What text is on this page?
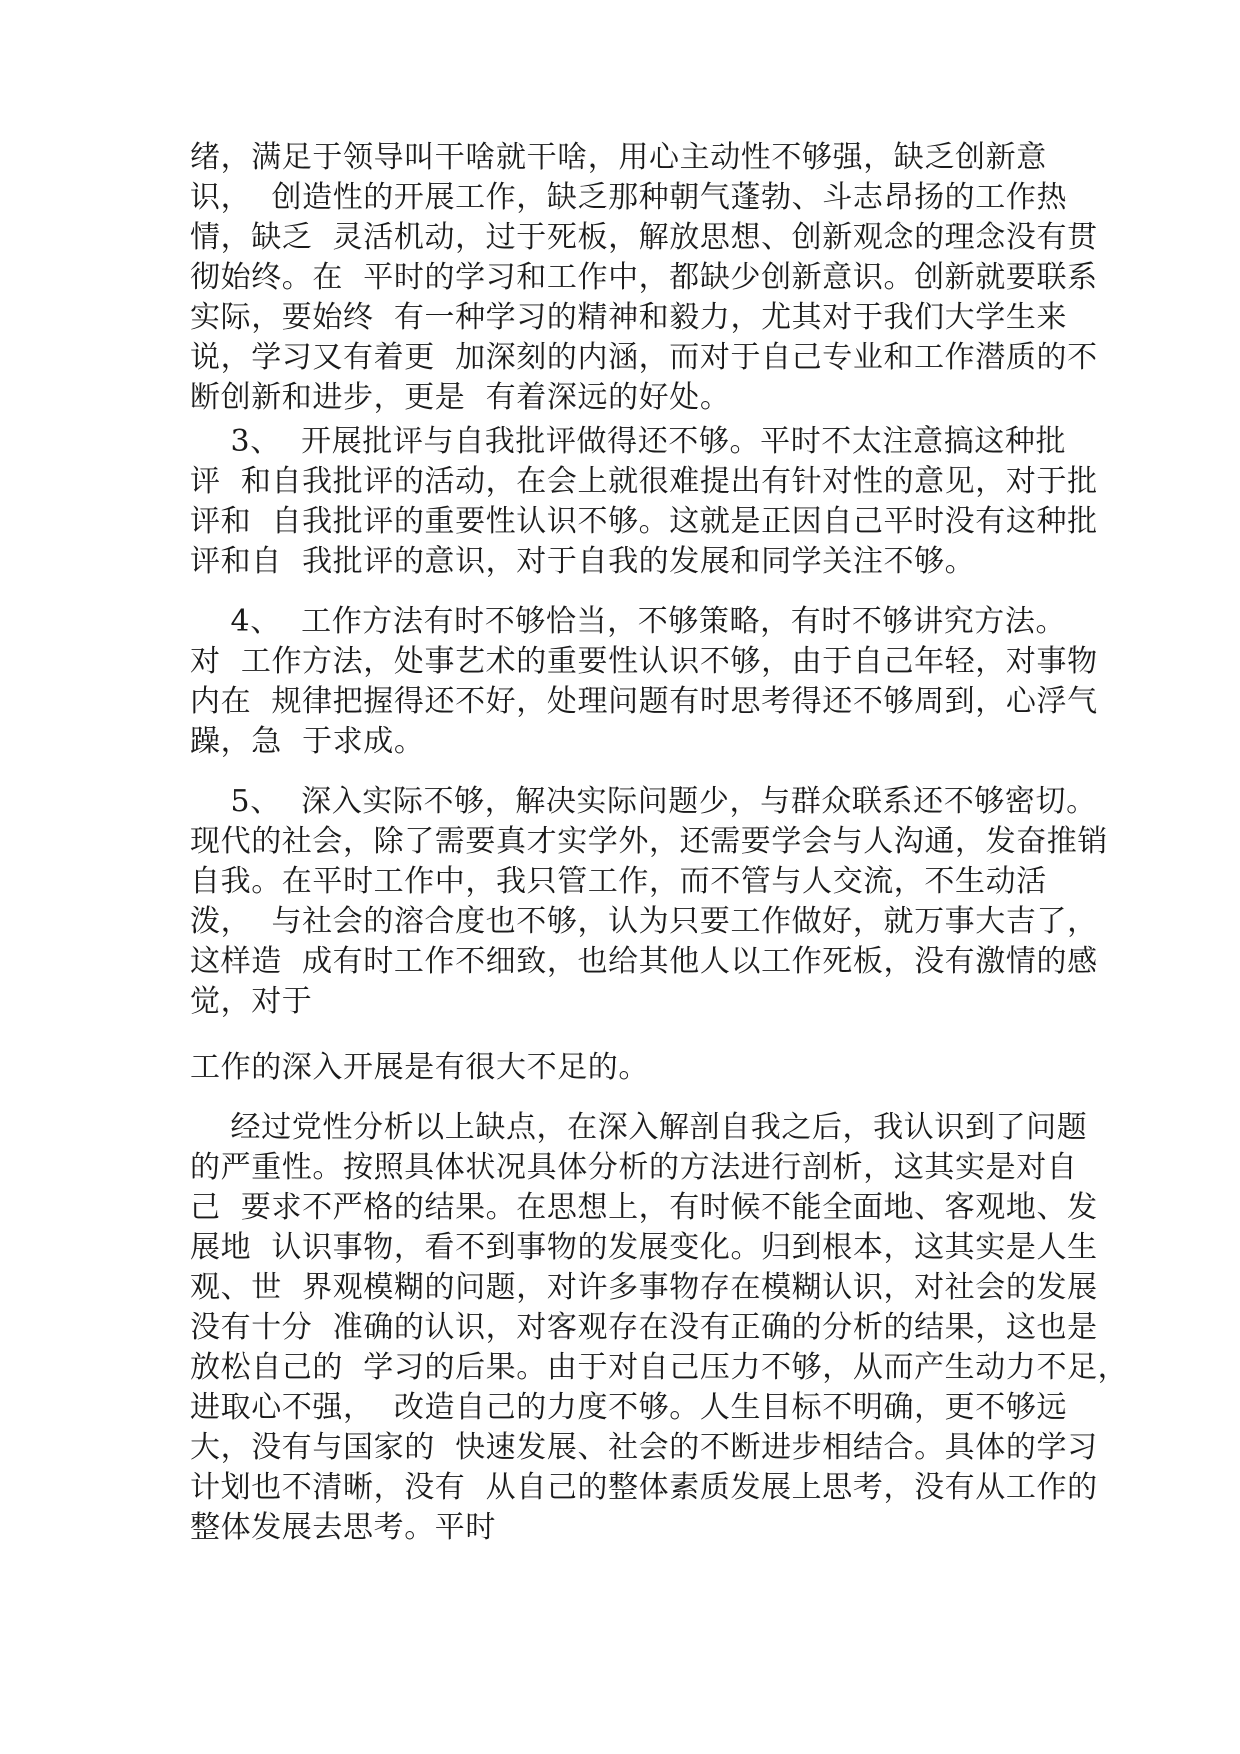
绪，满足于领导叫干啥就干啥，用心主动性不够强，缺乏创新意
识，  创造性的开展工作，缺乏那种朝气蓬勃、斗志昂扬的工作热
情，缺乏  灵活机动，过于死板，解放思想、创新观念的理念没有贯
彻始终。在  平时的学习和工作中，都缺少创新意识。创新就要联系
实际，要始终  有一种学习的精神和毅力，尤其对于我们大学生来
说，学习又有着更  加深刻的内涵，而对于自己专业和工作潜质的不
断创新和进步，更是  有着深远的好处。
3、  开展批评与自我批评做得还不够。平时不太注意搞这种批
评  和自我批评的活动，在会上就很难提出有针对性的意见，对于批
评和  自我批评的重要性认识不够。这就是正因自己平时没有这种批
评和自  我批评的意识，对于自我的发展和同学关注不够。
4、  工作方法有时不够恰当，不够策略，有时不够讲究方法。
对  工作方法，处事艺术的重要性认识不够，由于自己年轻，对事物
内在  规律把握得还不好，处理问题有时思考得还不够周到，心浮气
躁，急  于求成。
5、  深入实际不够，解决实际问题少，与群众联系还不够密切。
现代的社会，除了需要真才实学外，还需要学会与人沟通，发奋推销
自我。在平时工作中，我只管工作，而不管与人交流，不生动活
泼，  与社会的溶合度也不够，认为只要工作做好，就万事大吉了，
这样造  成有时工作不细致，也给其他人以工作死板，没有激情的感
觉，对于
工作的深入开展是有很大不足的。
经过党性分析以上缺点，在深入解剖自我之后，我认识到了问题
的严重性。按照具体状况具体分析的方法进行剖析，这其实是对自
己  要求不严格的结果。在思想上，有时候不能全面地、客观地、发
展地  认识事物，看不到事物的发展变化。归到根本，这其实是人生
观、世  界观模糊的问题，对许多事物存在模糊认识，对社会的发展
没有十分  准确的认识，对客观存在没有正确的分析的结果，这也是
放松自己的  学习的后果。由于对自己压力不够，从而产生动力不足，
进取心不强，  改造自己的力度不够。人生目标不明确，更不够远
大，没有与国家的  快速发展、社会的不断进步相结合。具体的学习
计划也不清晰，没有  从自己的整体素质发展上思考，没有从工作的
整体发展去思考。平时
